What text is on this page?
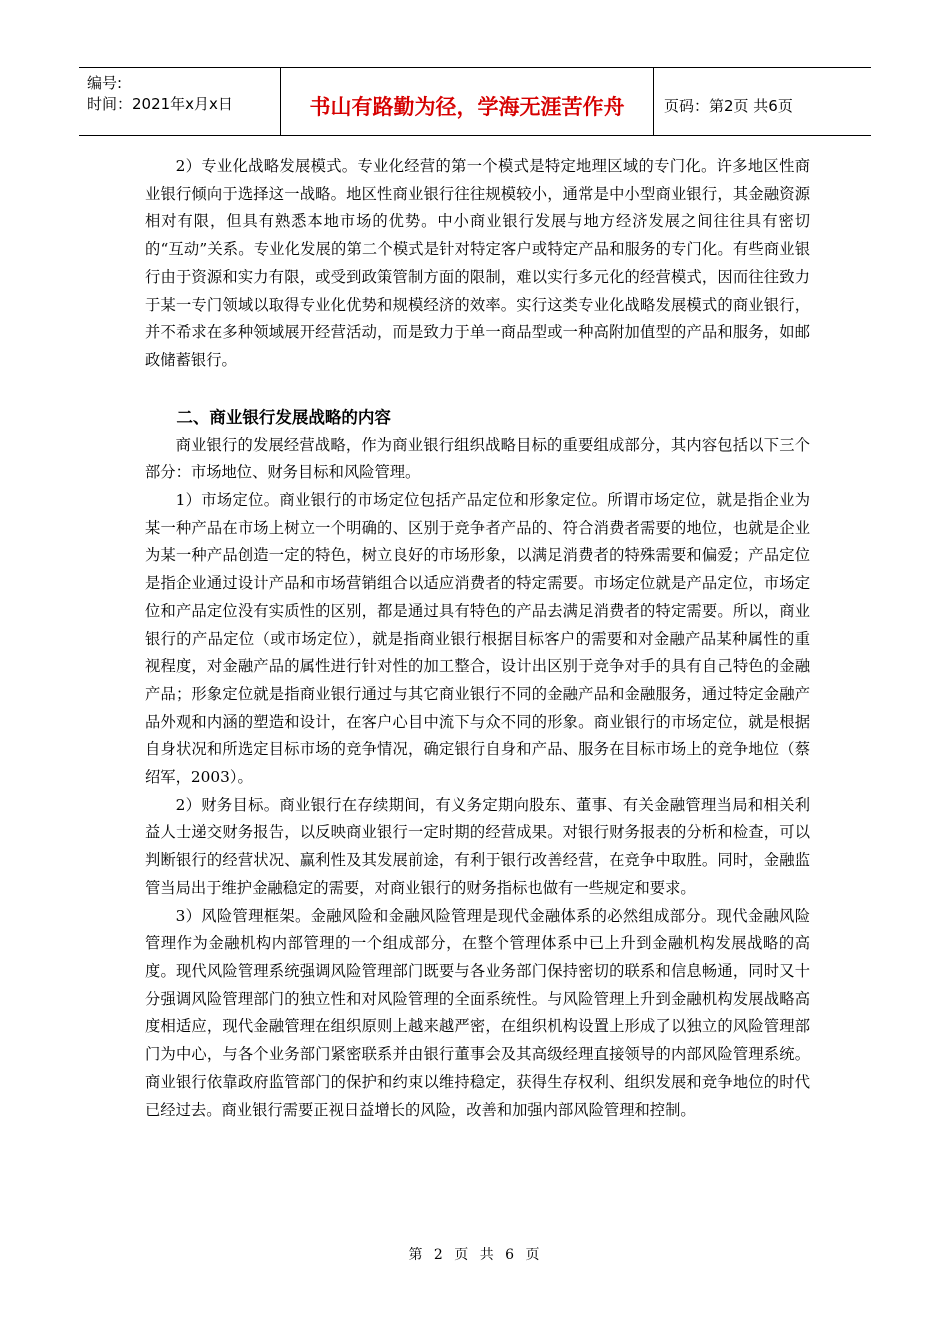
编号:
时间：2021年x月x日	书山有路勤为径，学海无涯苦作舟	页码：第2页 共6页

2）专业化战略发展模式。专业化经营的第一个模式是特定地理区域的专门化。许多地区性商业银行倾向于选择这一战略。地区性商业银行往往规模较小，通常是中小型商业银行，其金融资源相对有限，但具有熟悉本地市场的优势。中小商业银行发展与地方经济发展之间往往具有密切的“互动”关系。专业化发展的第二个模式是针对特定客户或特定产品和服务的专门化。有些商业银行由于资源和实力有限，或受到政策管制方面的限制，难以实行多元化的经营模式，因而往往致力于某一专门领域以取得专业化优势和规模经济的效率。实行这类专业化战略发展模式的商业银行，并不希求在多种领域展开经营活动，而是致力于单一商品型或一种高附加值型的产品和服务，如邮政储蓄银行。

二、商业银行发展战略的内容

商业银行的发展经营战略，作为商业银行组织战略目标的重要组成部分，其内容包括以下三个部分：市场地位、财务目标和风险管理。

1）市场定位。商业银行的市场定位包括产品定位和形象定位。所谓市场定位，就是指企业为某一种产品在市场上树立一个明确的、区别于竞争者产品的、符合消费者需要的地位，也就是企业为某一种产品创造一定的特色，树立良好的市场形象，以满足消费者的特殊需要和偏爱；产品定位是指企业通过设计产品和市场营销组合以适应消费者的特定需要。市场定位就是产品定位，市场定位和产品定位没有实质性的区别，都是通过具有特色的产品去满足消费者的特定需要。所以，商业银行的产品定位（或市场定位），就是指商业银行根据目标客户的需要和对金融产品某种属性的重视程度，对金融产品的属性进行针对性的加工整合，设计出区别于竞争对手的具有自己特色的金融产品；形象定位就是指商业银行通过与其它商业银行不同的金融产品和金融服务，通过特定金融产品外观和内涵的塑造和设计，在客户心目中流下与众不同的形象。商业银行的市场定位，就是根据自身状况和所选定目标市场的竞争情况，确定银行自身和产品、服务在目标市场上的竞争地位（蔡绍军，2003）。

2）财务目标。商业银行在存续期间，有义务定期向股东、董事、有关金融管理当局和相关利益人士递交财务报告，以反映商业银行一定时期的经营成果。对银行财务报表的分析和检查，可以判断银行的经营状况、赢利性及其发展前途，有利于银行改善经营，在竞争中取胜。同时，金融监管当局出于维护金融稳定的需要，对商业银行的财务指标也做有一些规定和要求。

3）风险管理框架。金融风险和金融风险管理是现代金融体系的必然组成部分。现代金融风险管理作为金融机构内部管理的一个组成部分，在整个管理体系中已上升到金融机构发展战略的高度。现代风险管理系统强调风险管理部门既要与各业务部门保持密切的联系和信息畅通，同时又十分强调风险管理部门的独立性和对风险管理的全面系统性。与风险管理上升到金融机构发展战略高度相适应，现代金融管理在组织原则上越来越严密，在组织机构设置上形成了以独立的风险管理部门为中心，与各个业务部门紧密联系并由银行董事会及其高级经理直接领导的内部风险管理系统。商业银行依靠政府监管部门的保护和约束以维持稳定，获得生存权利、组织发展和竞争地位的时代已经过去。商业银行需要正视日益增长的风险，改善和加强内部风险管理和控制。

第 2 页 共 6 页
